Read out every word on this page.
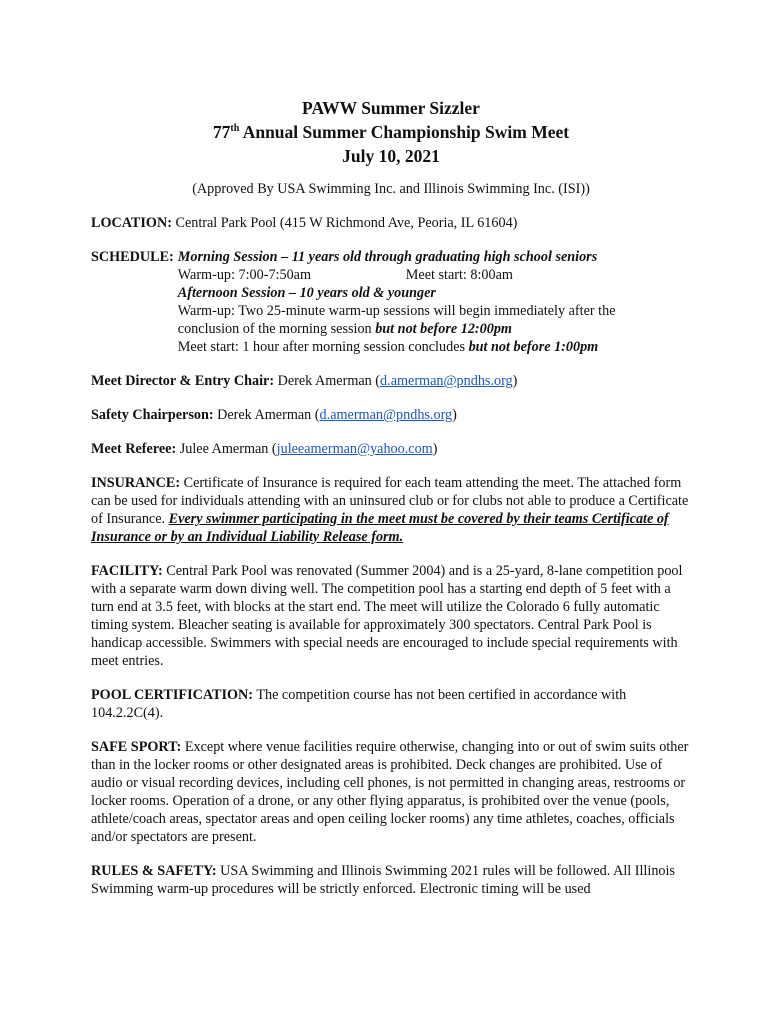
PAWW Summer Sizzler
77th Annual Summer Championship Swim Meet
July 10, 2021
(Approved By USA Swimming Inc. and Illinois Swimming Inc. (ISI))
LOCATION: Central Park Pool (415 W Richmond Ave, Peoria, IL 61604)
SCHEDULE: Morning Session – 11 years old through graduating high school seniors
Warm-up: 7:00-7:50am	Meet start: 8:00am
Afternoon Session – 10 years old & younger
Warm-up: Two 25-minute warm-up sessions will begin immediately after the
conclusion of the morning session but not before 12:00pm
Meet start: 1 hour after morning session concludes but not before 1:00pm
Meet Director & Entry Chair: Derek Amerman (d.amerman@pndhs.org)
Safety Chairperson: Derek Amerman (d.amerman@pndhs.org)
Meet Referee: Julee Amerman (juleeamerman@yahoo.com)
INSURANCE: Certificate of Insurance is required for each team attending the meet. The attached form can be used for individuals attending with an uninsured club or for clubs not able to produce a Certificate of Insurance. Every swimmer participating in the meet must be covered by their teams Certificate of Insurance or by an Individual Liability Release form.
FACILITY: Central Park Pool was renovated (Summer 2004) and is a 25-yard, 8-lane competition pool with a separate warm down diving well. The competition pool has a starting end depth of 5 feet with a turn end at 3.5 feet, with blocks at the start end. The meet will utilize the Colorado 6 fully automatic timing system. Bleacher seating is available for approximately 300 spectators. Central Park Pool is handicap accessible. Swimmers with special needs are encouraged to include special requirements with meet entries.
POOL CERTIFICATION: The competition course has not been certified in accordance with 104.2.2C(4).
SAFE SPORT: Except where venue facilities require otherwise, changing into or out of swim suits other than in the locker rooms or other designated areas is prohibited. Deck changes are prohibited. Use of audio or visual recording devices, including cell phones, is not permitted in changing areas, restrooms or locker rooms. Operation of a drone, or any other flying apparatus, is prohibited over the venue (pools, athlete/coach areas, spectator areas and open ceiling locker rooms) any time athletes, coaches, officials and/or spectators are present.
RULES & SAFETY: USA Swimming and Illinois Swimming 2021 rules will be followed. All Illinois Swimming warm-up procedures will be strictly enforced. Electronic timing will be used
